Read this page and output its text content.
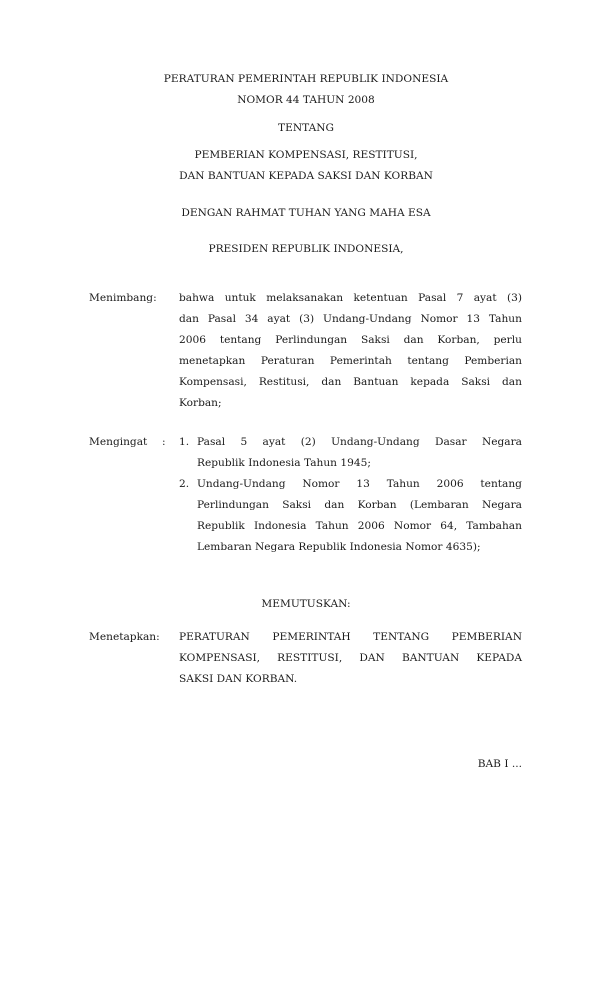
PERATURAN PEMERINTAH REPUBLIK INDONESIA
NOMOR 44 TAHUN 2008
TENTANG
PEMBERIAN KOMPENSASI, RESTITUSI,
DAN BANTUAN KEPADA SAKSI DAN KORBAN
DENGAN RAHMAT TUHAN YANG MAHA ESA
PRESIDEN REPUBLIK INDONESIA,
Menimbang: bahwa untuk melaksanakan ketentuan Pasal 7 ayat (3)
dan Pasal 34 ayat (3) Undang-Undang Nomor 13 Tahun
2006 tentang Perlindungan Saksi dan Korban, perlu
menetapkan Peraturan Pemerintah tentang Pemberian
Kompensasi, Restitusi, dan Bantuan kepada Saksi dan
Korban;
Mengingat : 1. Pasal 5 ayat (2) Undang-Undang Dasar Negara
Republik Indonesia Tahun 1945;
2. Undang-Undang Nomor 13 Tahun 2006 tentang
Perlindungan Saksi dan Korban (Lembaran Negara
Republik Indonesia Tahun 2006 Nomor 64, Tambahan
Lembaran Negara Republik Indonesia Nomor 4635);
MEMUTUSKAN:
Menetapkan: PERATURAN PEMERINTAH TENTANG PEMBERIAN
KOMPENSASI, RESTITUSI, DAN BANTUAN KEPADA
SAKSI DAN KORBAN.
BAB I ...
